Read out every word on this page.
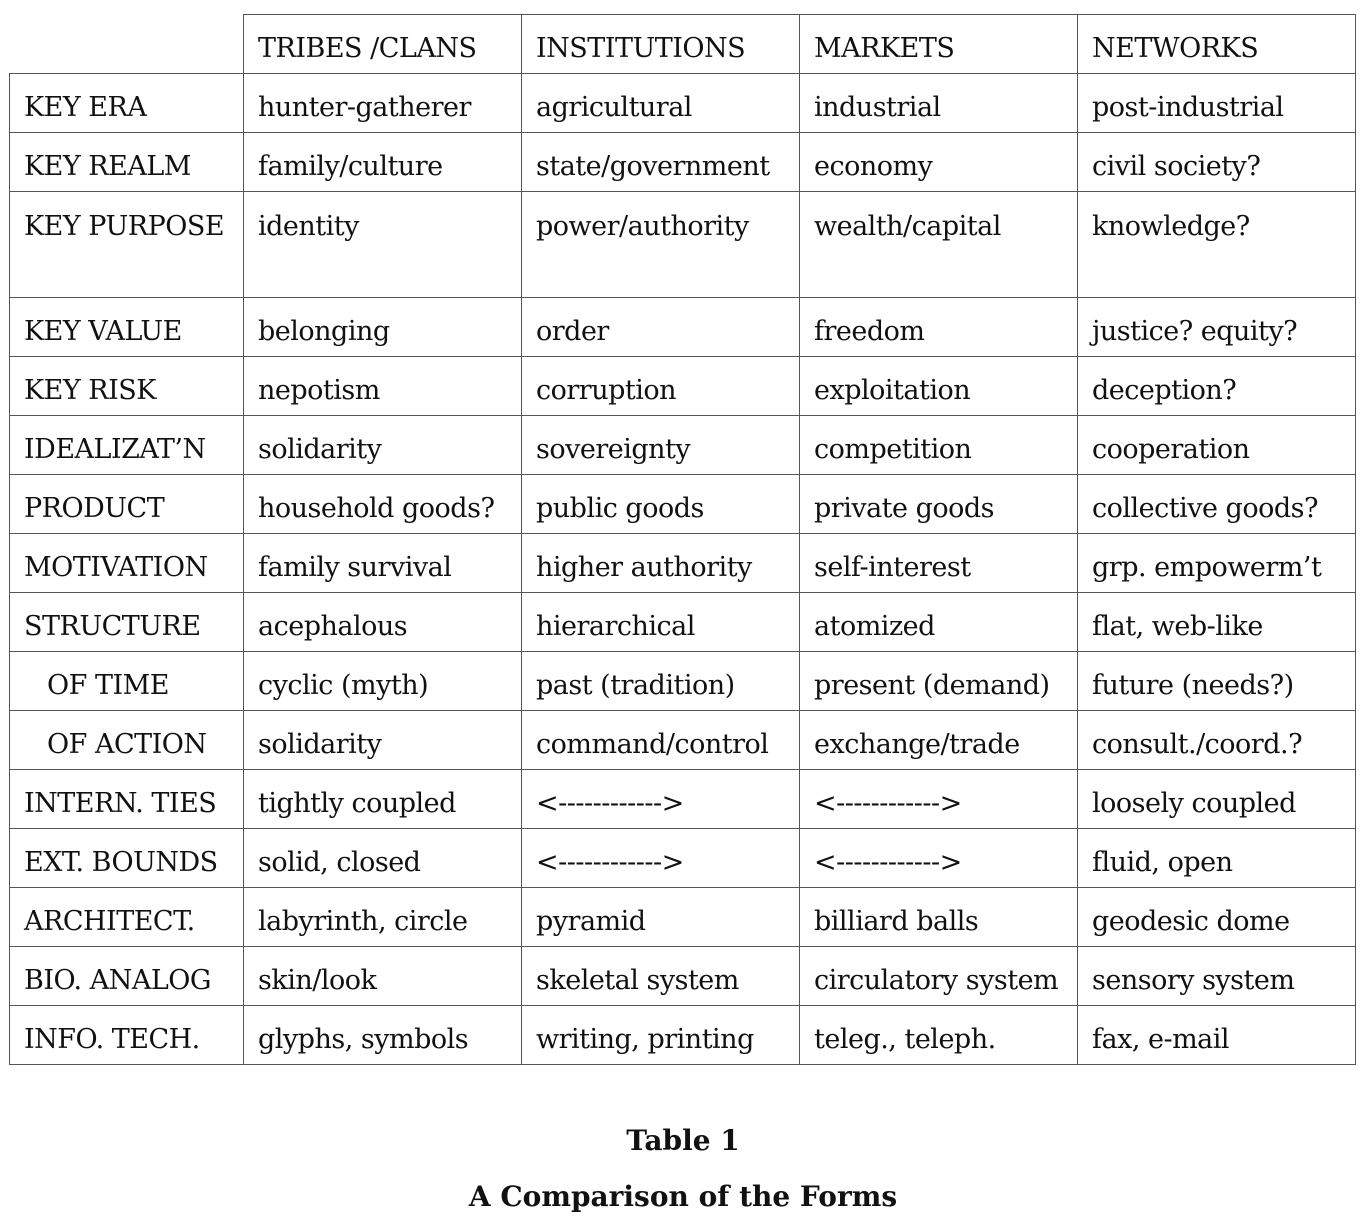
	TRIBES /CLANS	INSTITUTIONS	MARKETS	NETWORKS
KEY ERA	hunter-gatherer	agricultural	industrial	post-industrial
KEY REALM	family/culture	state/government	economy	civil society?
KEY PURPOSE	identity	power/authority	wealth/capital	knowledge?
KEY VALUE	belonging	order	freedom	justice? equity?
KEY RISK	nepotism	corruption	exploitation	deception?
IDEALIZAT’N	solidarity	sovereignty	competition	cooperation
PRODUCT	household goods?	public goods	private goods	collective goods?
MOTIVATION	family survival	higher authority	self-interest	grp. empowerm’t
STRUCTURE	acephalous	hierarchical	atomized	flat, web-like
OF TIME	cyclic (myth)	past (tradition)	present (demand)	future (needs?)
OF ACTION	solidarity	command/control	exchange/trade	consult./coord.?
INTERN. TIES	tightly coupled	<------------>	<------------>	loosely coupled
EXT. BOUNDS	solid, closed	<------------>	<------------>	fluid, open
ARCHITECT.	labyrinth, circle	pyramid	billiard balls	geodesic dome
BIO. ANALOG	skin/look	skeletal system	circulatory system	sensory system
INFO. TECH.	glyphs, symbols	writing, printing	teleg., teleph.	fax, e-mail
Table 1
A Comparison of the Forms
